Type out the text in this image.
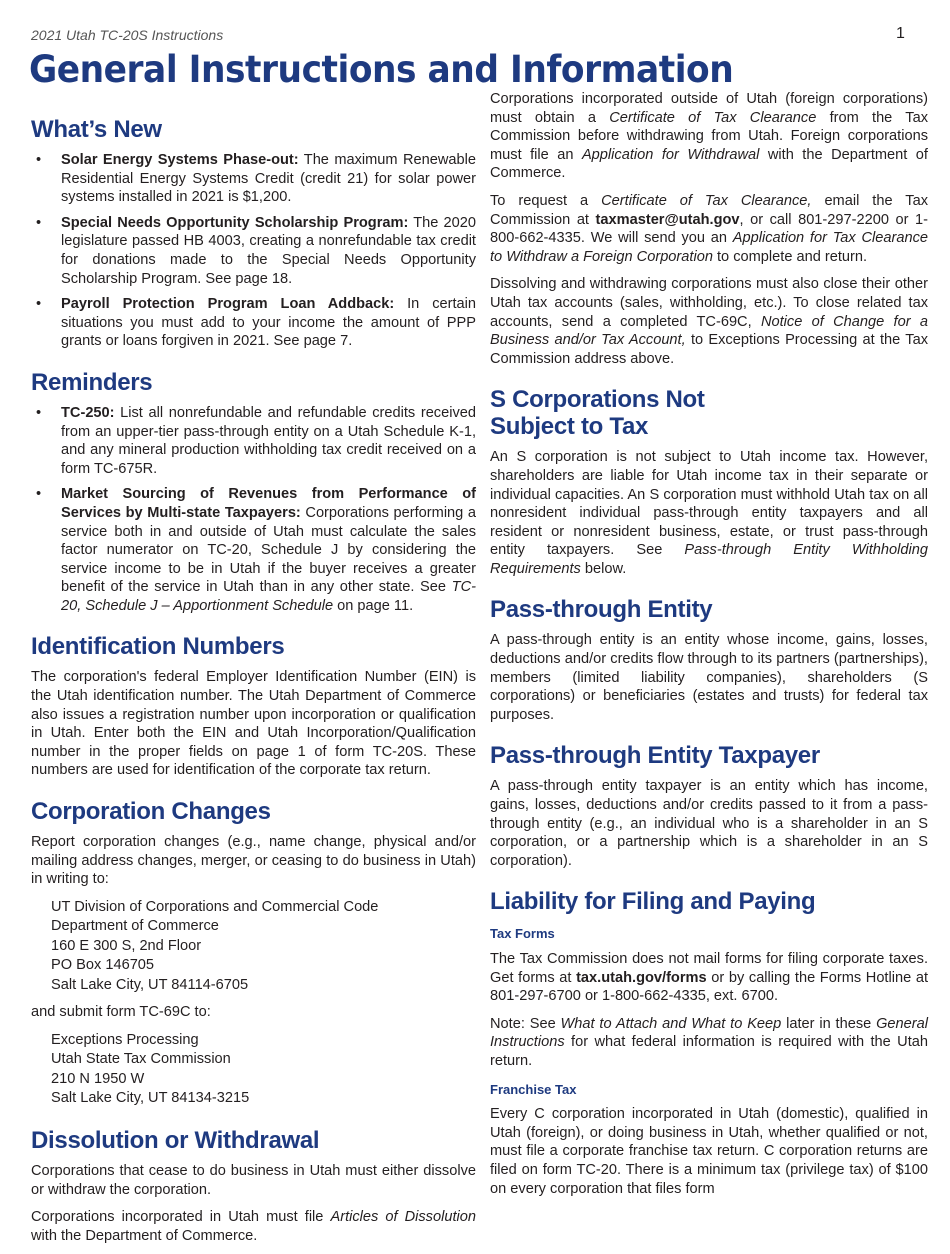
2021 Utah TC-20S Instructions	1
General Instructions and Information
What’s New
• Solar Energy Systems Phase-out: The maximum Renewable Residential Energy Systems Credit (credit 21) for solar power systems installed in 2021 is $1,200.
• Special Needs Opportunity Scholarship Program: The 2020 legislature passed HB 4003, creating a nonrefundable tax credit for donations made to the Special Needs Opportunity Scholarship Program. See page 18.
• Payroll Protection Program Loan Addback: In certain situations you must add to your income the amount of PPP grants or loans forgiven in 2021. See page 7.
Reminders
• TC-250: List all nonrefundable and refundable credits received from an upper-tier pass-through entity on a Utah Schedule K-1, and any mineral production withholding tax credit received on a form TC-675R.
• Market Sourcing of Revenues from Performance of Services by Multi-state Taxpayers: Corporations performing a service both in and outside of Utah must calculate the sales factor numerator on TC-20, Schedule J by considering the service income to be in Utah if the buyer receives a greater benefit of the service in Utah than in any other state. See TC-20, Schedule J – Apportionment Schedule on page 11.
Identification Numbers

The corporation's federal Employer Identification Number (EIN) is the Utah identification number. The Utah Department of Commerce also issues a registration number upon incorporation or qualification in Utah. Enter both the EIN and Utah Incorporation/Qualification number in the proper fields on page 1 of form TC-20S. These numbers are used for identification of the corporate tax return.

Corporation Changes

Report corporation changes (e.g., name change, physical and/or mailing address changes, merger, or ceasing to do business in Utah) in writing to:

UT Division of Corporations and Commercial Code
Department of Commerce
160 E 300 S, 2nd Floor
PO Box 146705
Salt Lake City, UT 84114-6705

and submit form TC-69C to:

Exceptions Processing
Utah State Tax Commission
210 N 1950 W
Salt Lake City, UT 84134-3215
Dissolution or Withdrawal

Corporations that cease to do business in Utah must either dissolve or withdraw the corporation.

Corporations incorporated in Utah must file Articles of Dissolution with the Department of Commerce.

Corporations incorporated outside of Utah (foreign corporations) must obtain a Certificate of Tax Clearance from the Tax Commission before withdrawing from Utah. Foreign corporations must file an Application for Withdrawal with the Department of Commerce.

To request a Certificate of Tax Clearance, email the Tax Commission at taxmaster@utah.gov, or call 801-297-2200 or 1-800-662-4335. We will send you an Application for Tax Clearance to Withdraw a Foreign Corporation to complete and return.

Dissolving and withdrawing corporations must also close their other Utah tax accounts (sales, withholding, etc.). To close related tax accounts, send a completed TC-69C, Notice of Change for a Business and/or Tax Account, to Exceptions Processing at the Tax Commission address above.

S Corporations Not Subject to Tax

An S corporation is not subject to Utah income tax. However, shareholders are liable for Utah income tax in their separate or individual capacities. An S corporation must withhold Utah tax on all nonresident individual pass-through entity taxpayers and all resident or nonresident business, estate, or trust pass-through entity taxpayers. See Pass-through Entity Withholding Requirements below.

Pass-through Entity

A pass-through entity is an entity whose income, gains, losses, deductions and/or credits flow through to its partners (partnerships), members (limited liability companies), shareholders (S corporations) or beneficiaries (estates and trusts) for federal tax purposes.

Pass-through Entity Taxpayer

A pass-through entity taxpayer is an entity which has income, gains, losses, deductions and/or credits passed to it from a pass-through entity (e.g., an individual who is a shareholder in an S corporation, or a partnership which is a shareholder in an S corporation).

Liability for Filing and Paying
Tax Forms

The Tax Commission does not mail forms for filing corporate taxes. Get forms at tax.utah.gov/forms or by calling the Forms Hotline at 801-297-6700 or 1-800-662-4335, ext. 6700.

Note: See What to Attach and What to Keep later in these General Instructions for what federal information is required with the Utah return.

Franchise Tax

Every C corporation incorporated in Utah (domestic), qualified in Utah (foreign), or doing business in Utah, whether qualified or not, must file a corporate franchise tax return. C corporation returns are filed on form TC-20. There is a minimum tax (privilege tax) of $100 on every corporation that files form
